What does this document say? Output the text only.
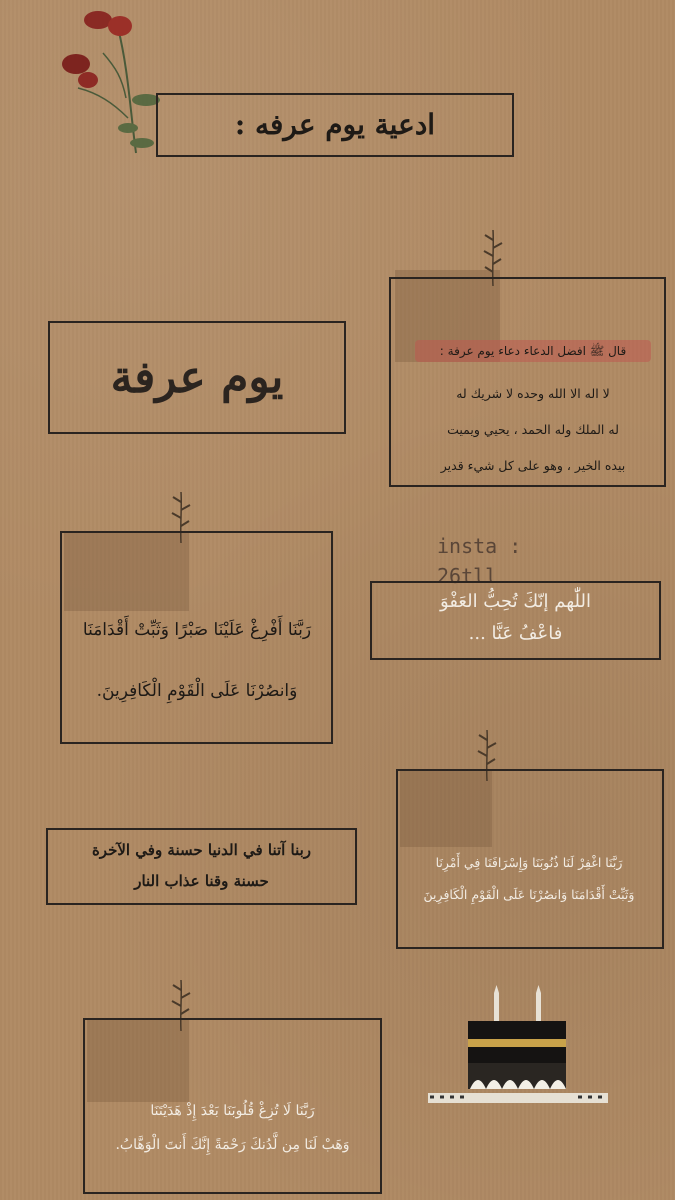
ادعية يوم عرفه :
يوم عرفة
قال ﷺ افضل الدعاء دعاء يوم عرفة :
لا اله الا الله وحده لا شريك له
له الملك وله الحمد ، يحيي ويميت
بيده الخير ، وهو على كل شيء قدير
insta : 26tll
رَبَّنَا أَفْرِغْ عَلَيْنَا صَبْرًا وَثَبِّتْ أَقْدَامَنَا
وَانصُرْنَا عَلَى الْقَوْمِ الْكَافِرِينَ.
اللّٰهم إنّكَ تُحِبُّ العَفْوَ
فاعْفُ عَنَّا ...
رَبَّنَا اغْفِرْ لَنَا ذُنُوبَنَا وَإِسْرَافَنَا فِي أَمْرِنَا
وَثَبِّتْ أَقْدَامَنَا وَانصُرْنَا عَلَى الْقَوْمِ الْكَافِرِينَ
ربنا آتنا في الدنيا حسنة وفي الآخرة
حسنة وقنا عذاب النار
رَبَّنَا لَا تُزِغْ قُلُوبَنَا بَعْدَ إِذْ هَدَيْتَنَا
وَهَبْ لَنَا مِن لَّدُنكَ رَحْمَةً إِنَّكَ أَنتَ الْوَهَّابُ.
